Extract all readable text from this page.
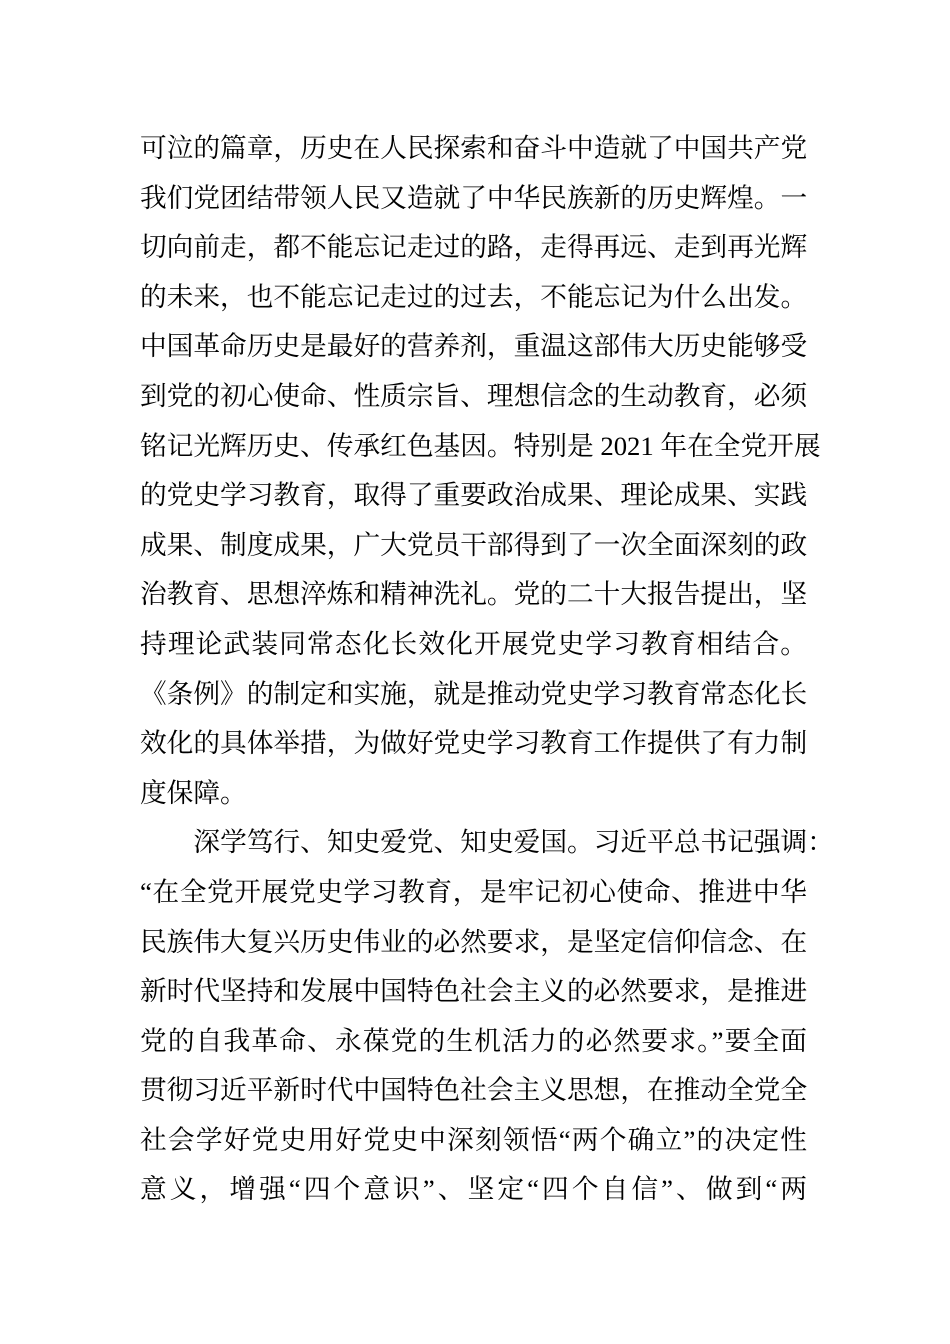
可泣的篇章，历史在人民探索和奋斗中造就了中国共产党
我们党团结带领人民又造就了中华民族新的历史辉煌。一
切向前走，都不能忘记走过的路，走得再远、走到再光辉
的未来，也不能忘记走过的过去，不能忘记为什么出发。
中国革命历史是最好的营养剂，重温这部伟大历史能够受
到党的初心使命、性质宗旨、理想信念的生动教育，必须
铭记光辉历史、传承红色基因。特别是 2021 年在全党开展
的党史学习教育，取得了重要政治成果、理论成果、实践
成果、制度成果，广大党员干部得到了一次全面深刻的政
治教育、思想淬炼和精神洗礼。党的二十大报告提出，坚
持理论武装同常态化长效化开展党史学习教育相结合。
《条例》的制定和实施，就是推动党史学习教育常态化长
效化的具体举措，为做好党史学习教育工作提供了有力制
度保障。
深学笃行、知史爱党、知史爱国。习近平总书记强调：
“在全党开展党史学习教育，是牢记初心使命、推进中华
民族伟大复兴历史伟业的必然要求，是坚定信仰信念、在
新时代坚持和发展中国特色社会主义的必然要求，是推进
党的自我革命、永葆党的生机活力的必然要求。”要全面
贯彻习近平新时代中国特色社会主义思想，在推动全党全
社会学好党史用好党史中深刻领悟“两个确立”的决定性
意义，增强“四个意识”、坚定“四个自信”、做到“两
